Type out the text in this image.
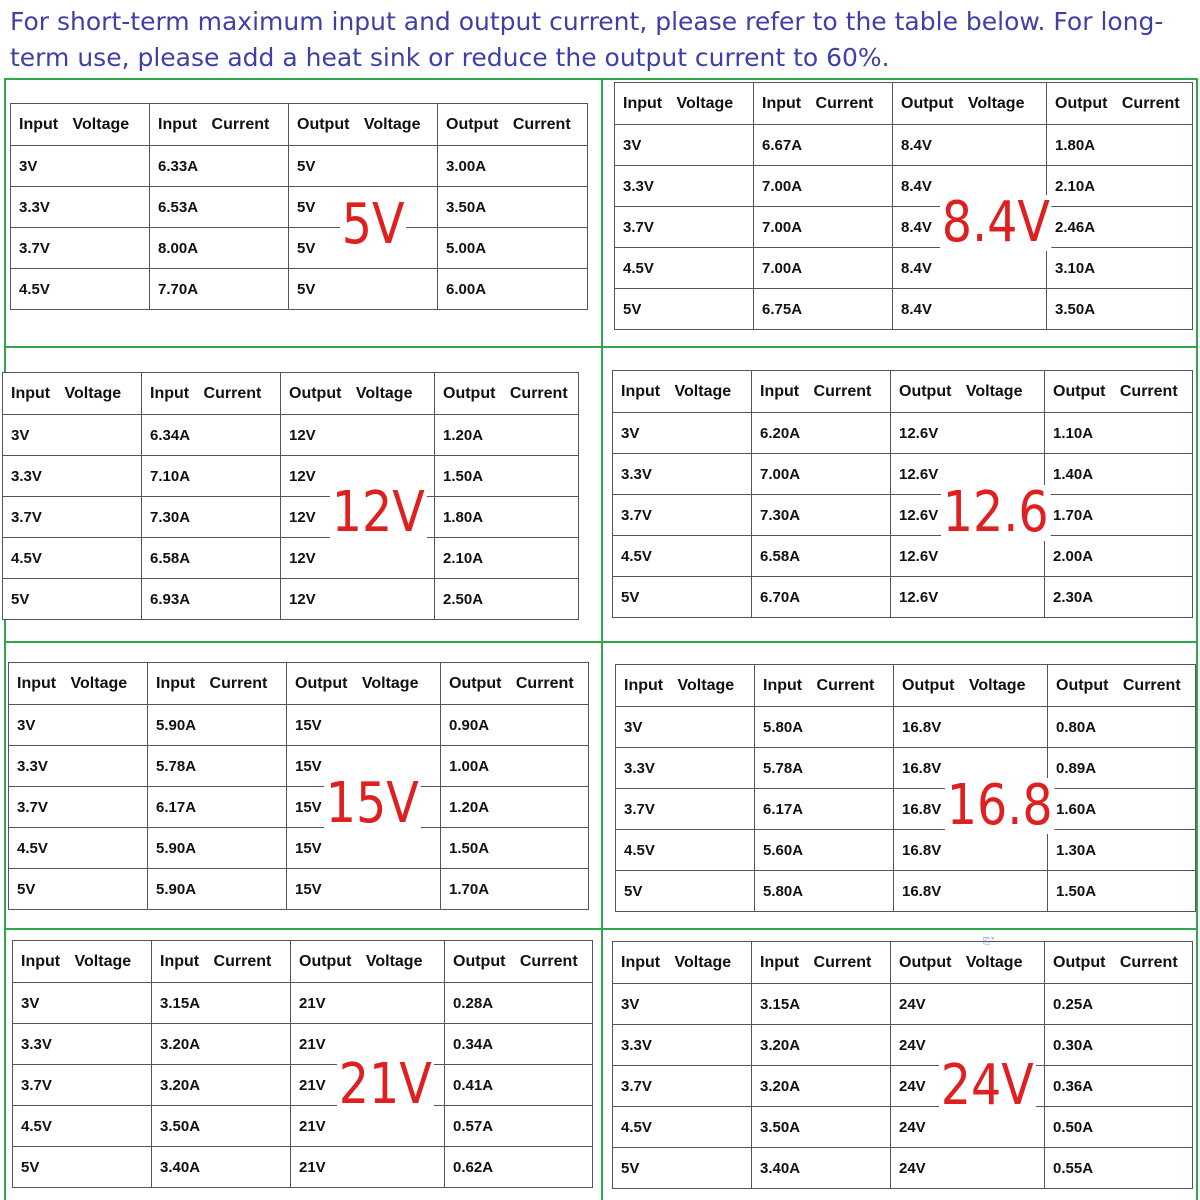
For short-term maximum input and output current, please refer to the table below. For long-term use, please add a heat sink or reduce the output current to 60%.

Input Voltage	Input Current	Output Voltage	Output Current
3V	6.33A	5V	3.00A
3.3V	6.53A	5V	3.50A
3.7V	8.00A	5V	5.00A
4.5V	7.70A	5V	6.00A
5V
Input Voltage	Input Current	Output Voltage	Output Current
3V	6.67A	8.4V	1.80A
3.3V	7.00A	8.4V	2.10A
3.7V	7.00A	8.4V	2.46A
4.5V	7.00A	8.4V	3.10A
5V	6.75A	8.4V	3.50A
8.4V
Input Voltage	Input Current	Output Voltage	Output Current
3V	6.34A	12V	1.20A
3.3V	7.10A	12V	1.50A
3.7V	7.30A	12V	1.80A
4.5V	6.58A	12V	2.10A
5V	6.93A	12V	2.50A
12V
Input Voltage	Input Current	Output Voltage	Output Current
3V	6.20A	12.6V	1.10A
3.3V	7.00A	12.6V	1.40A
3.7V	7.30A	12.6V	1.70A
4.5V	6.58A	12.6V	2.00A
5V	6.70A	12.6V	2.30A
12.6
Input Voltage	Input Current	Output Voltage	Output Current
3V	5.90A	15V	0.90A
3.3V	5.78A	15V	1.00A
3.7V	6.17A	15V	1.20A
4.5V	5.90A	15V	1.50A
5V	5.90A	15V	1.70A
15V
Input Voltage	Input Current	Output Voltage	Output Current
3V	5.80A	16.8V	0.80A
3.3V	5.78A	16.8V	0.89A
3.7V	6.17A	16.8V	1.60A
4.5V	5.60A	16.8V	1.30A
5V	5.80A	16.8V	1.50A
16.8
Input Voltage	Input Current	Output Voltage	Output Current
3V	3.15A	21V	0.28A
3.3V	3.20A	21V	0.34A
3.7V	3.20A	21V	0.41A
4.5V	3.50A	21V	0.57A
5V	3.40A	21V	0.62A
21V
Input Voltage	Input Current	Output Voltage	Output Current
3V	3.15A	24V	0.25A
3.3V	3.20A	24V	0.30A
3.7V	3.20A	24V	0.36A
4.5V	3.50A	24V	0.50A
5V	3.40A	24V	0.55A
24V
⎘˅
